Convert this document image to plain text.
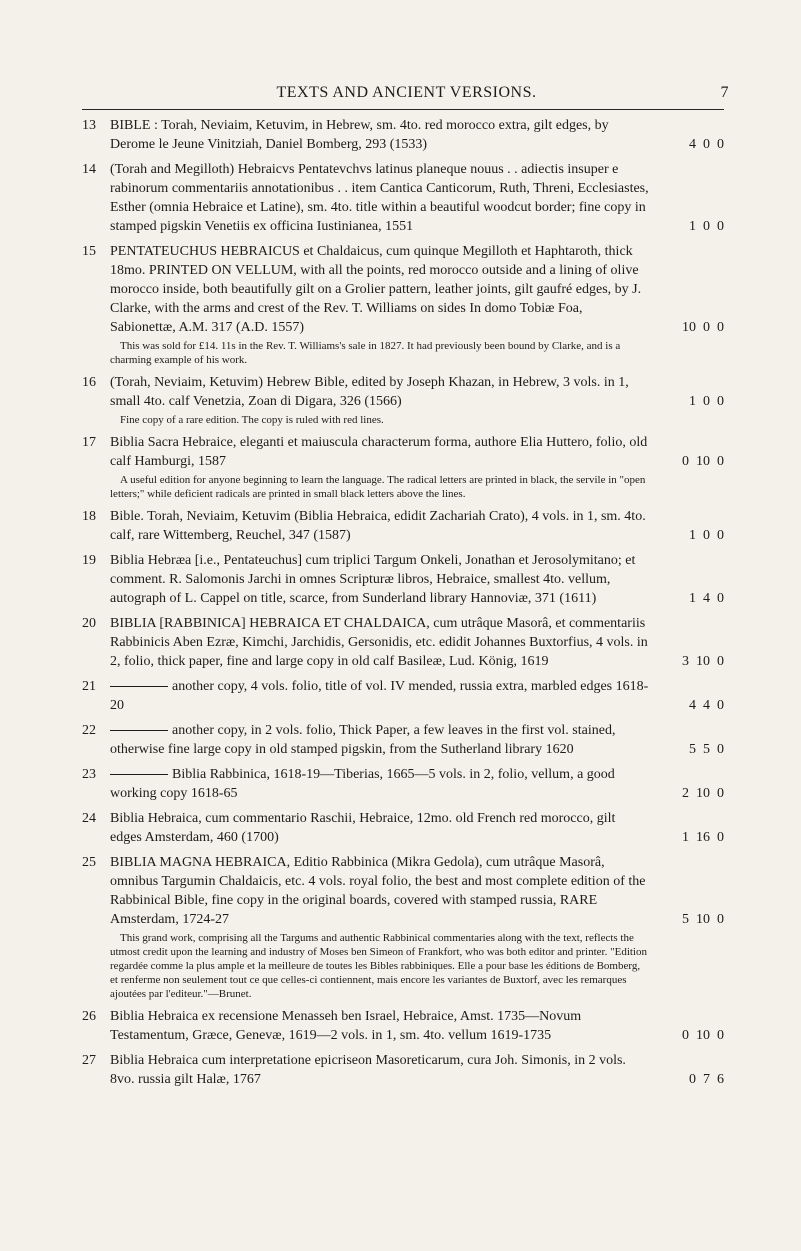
TEXTS AND ANCIENT VERSIONS.	7
13	BIBLE : Torah, Neviaim, Ketuvim, in Hebrew, sm. 4to. red morocco extra, gilt edges, by Derome le Jeune Vinitziah, Daniel Bomberg, 293 (1533)	4  0  0
14	(Torah and Megilloth) Hebraicvs Pentatevchvs latinus planeque nouus . . adiectis insuper e rabinorum commentariis annotationibus . . item Cantica Canticorum, Ruth, Threni, Ecclesiastes, Esther (omnia Hebraice et Latine), sm. 4to. title within a beautiful woodcut border; fine copy in stamped pigskin Venetiis ex officina Iustinianea, 1551	1  0  0
15	PENTATEUCHUS HEBRAICUS et Chaldaicus, cum quinque Megilloth et Haphtaroth, thick 18mo. PRINTED ON VELLUM, with all the points, red morocco outside and a lining of olive morocco inside, both beautifully gilt on a Grolier pattern, leather joints, gilt gaufré edges, by J. Clarke, with the arms and crest of the Rev. T. Williams on sides In domo Tobiæ Foa, Sabionettæ, A.M. 317 (A.D. 1557)	10  0  0
This was sold for £14. 11s in the Rev. T. Williams's sale in 1827. It had previously been bound by Clarke, and is a charming example of his work.
16	(Torah, Neviaim, Ketuvim) Hebrew Bible, edited by Joseph Khazan, in Hebrew, 3 vols. in 1, small 4to. calf Venetzia, Zoan di Digara, 326 (1566)	1  0  0
Fine copy of a rare edition. The copy is ruled with red lines.
17	Biblia Sacra Hebraice, eleganti et maiuscula characterum forma, authore Elia Huttero, folio, old calf Hamburgi, 1587	0  10  0
A useful edition for anyone beginning to learn the language. The radical letters are printed in black, the servile in "open letters;" while deficient radicals are printed in small black letters above the lines.
18	Bible. Torah, Neviaim, Ketuvim (Biblia Hebraica, edidit Zachariah Crato), 4 vols. in 1, sm. 4to. calf, rare Wittemberg, Reuchel, 347 (1587)	1  0  0
19	Biblia Hebræa [i.e., Pentateuchus] cum triplici Targum Onkeli, Jonathan et Jerosolymitano; et comment. R. Salomonis Jarchi in omnes Scripturæ libros, Hebraice, smallest 4to. vellum, autograph of L. Cappel on title, scarce, from Sunderland library Hannoviæ, 371 (1611)	1  4  0
20	BIBLIA [RABBINICA] HEBRAICA ET CHALDAICA, cum utrâque Masorâ, et commentariis Rabbinicis Aben Ezræ, Kimchi, Jarchidis, Gersonidis, etc. edidit Johannes Buxtorfius, 4 vols. in 2, folio, thick paper, fine and large copy in old calf Basileæ, Lud. König, 1619	3  10  0
21	another copy, 4 vols. folio, title of vol. IV mended, russia extra, marbled edges 1618-20	4  4  0
22	another copy, in 2 vols. folio, Thick Paper, a few leaves in the first vol. stained, otherwise fine large copy in old stamped pigskin, from the Sutherland library 1620	5  5  0
23	Biblia Rabbinica, 1618-19—Tiberias, 1665—5 vols. in 2, folio, vellum, a good working copy 1618-65	2  10  0
24	Biblia Hebraica, cum commentario Raschii, Hebraice, 12mo. old French red morocco, gilt edges Amsterdam, 460 (1700)	1  16  0
25	BIBLIA MAGNA HEBRAICA, Editio Rabbinica (Mikra Gedola), cum utrâque Masorâ, omnibus Targumin Chaldaicis, etc. 4 vols. royal folio, the best and most complete edition of the Rabbinical Bible, fine copy in the original boards, covered with stamped russia, RARE Amsterdam, 1724-27	5  10  0
This grand work, comprising all the Targums and authentic Rabbinical commentaries along with the text, reflects the utmost credit upon the learning and industry of Moses ben Simeon of Frankfort, who was both editor and printer. "Edition regardée comme la plus ample et la meilleure de toutes les Bibles rabbiniques. Elle a pour base les éditions de Bomberg, et renferme non seulement tout ce que celles-ci contiennent, mais encore les variantes de Buxtorf, avec les remarques ajoutées par l'editeur."—Brunet.
26	Biblia Hebraica ex recensione Menasseh ben Israel, Hebraice, Amst. 1735—Novum Testamentum, Græce, Genevæ, 1619—2 vols. in 1, sm. 4to. vellum 1619-1735	0  10  0
27	Biblia Hebraica cum interpretatione epicriseon Masoreticarum, cura Joh. Simonis, in 2 vols. 8vo. russia gilt Halæ, 1767	0  7  6
